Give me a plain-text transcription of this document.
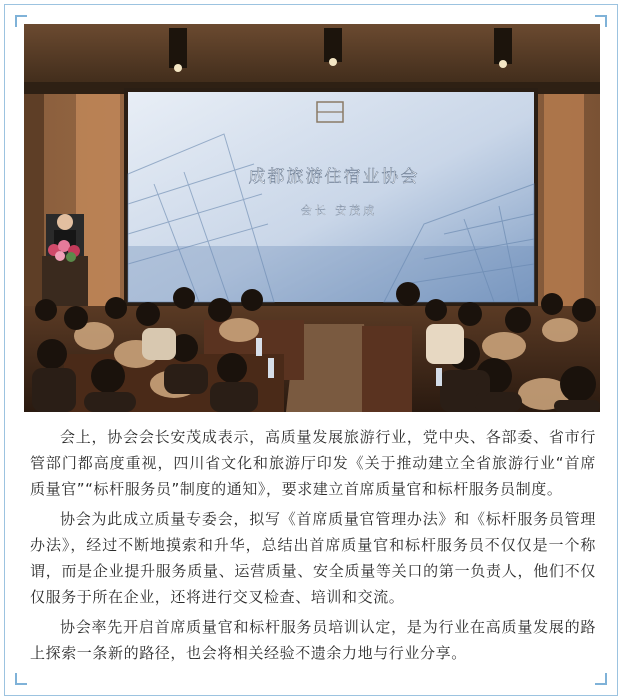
成都旅游住宿业协会
会长 安茂成

会上，协会会长安茂成表示，高质量发展旅游行业，党中央、各部委、省市行管部门都高度重视，四川省文化和旅游厅印发《关于推动建立全省旅游行业“首席质量官”“标杆服务员”制度的通知》，要求建立首席质量官和标杆服务员制度。

协会为此成立质量专委会，拟写《首席质量官管理办法》和《标杆服务员管理办法》，经过不断地摸索和升华，总结出首席质量官和标杆服务员不仅仅是一个称谓，而是企业提升服务质量、运营质量、安全质量等关口的第一负责人，他们不仅仅服务于所在企业，还将进行交叉检查、培训和交流。

协会率先开启首席质量官和标杆服务员培训认定，是为行业在高质量发展的路上探索一条新的路径，也会将相关经验不遗余力地与行业分享。
